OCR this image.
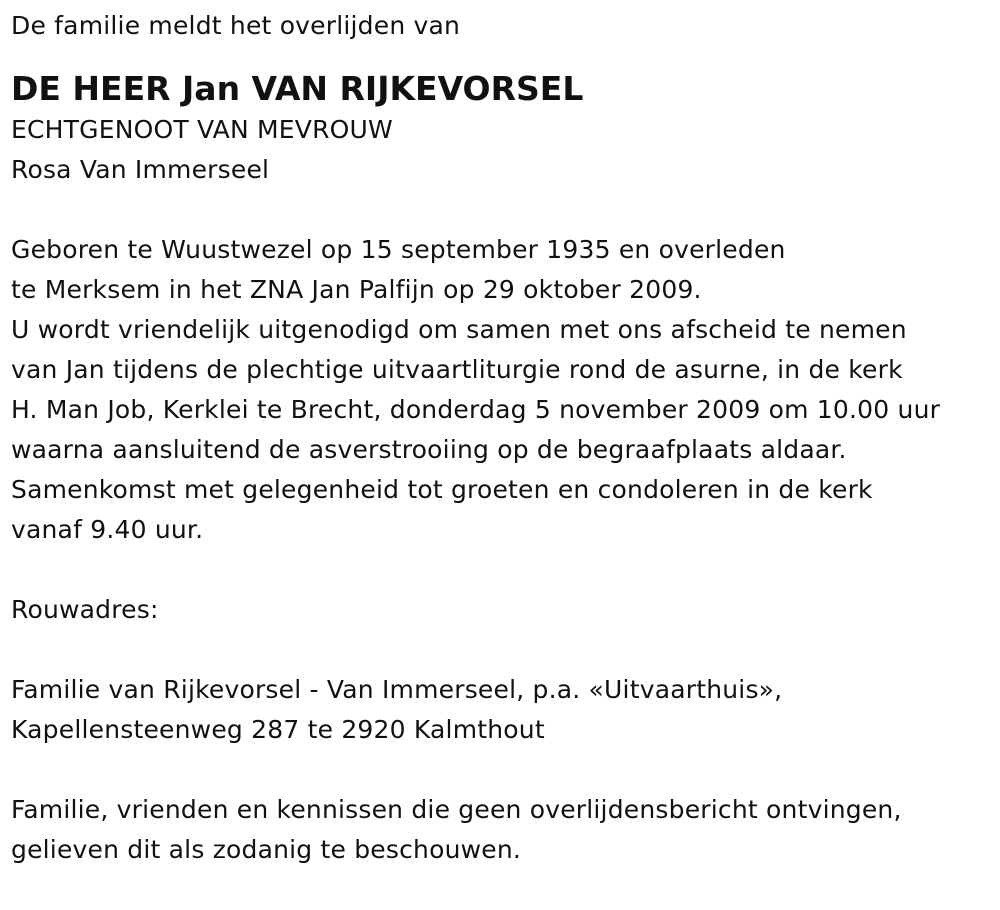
De familie meldt het overlijden van
DE HEER Jan VAN RIJKEVORSEL
ECHTGENOOT VAN MEVROUW
Rosa Van Immerseel
Geboren te Wuustwezel op 15 september 1935 en overleden
te Merksem in het ZNA Jan Palfijn op 29 oktober 2009.
U wordt vriendelijk uitgenodigd om samen met ons afscheid te nemen
van Jan tijdens de plechtige uitvaartliturgie rond de asurne, in de kerk
H. Man Job, Kerklei te Brecht, donderdag 5 november 2009 om 10.00 uur
waarna aansluitend de asverstrooiing op de begraafplaats aldaar.
Samenkomst met gelegenheid tot groeten en condoleren in de kerk
vanaf 9.40 uur.
Rouwadres:
Familie van Rijkevorsel - Van Immerseel, p.a. «Uitvaarthuis»,
Kapellensteenweg 287 te 2920 Kalmthout
Familie, vrienden en kennissen die geen overlijdensbericht ontvingen,
gelieven dit als zodanig te beschouwen.
